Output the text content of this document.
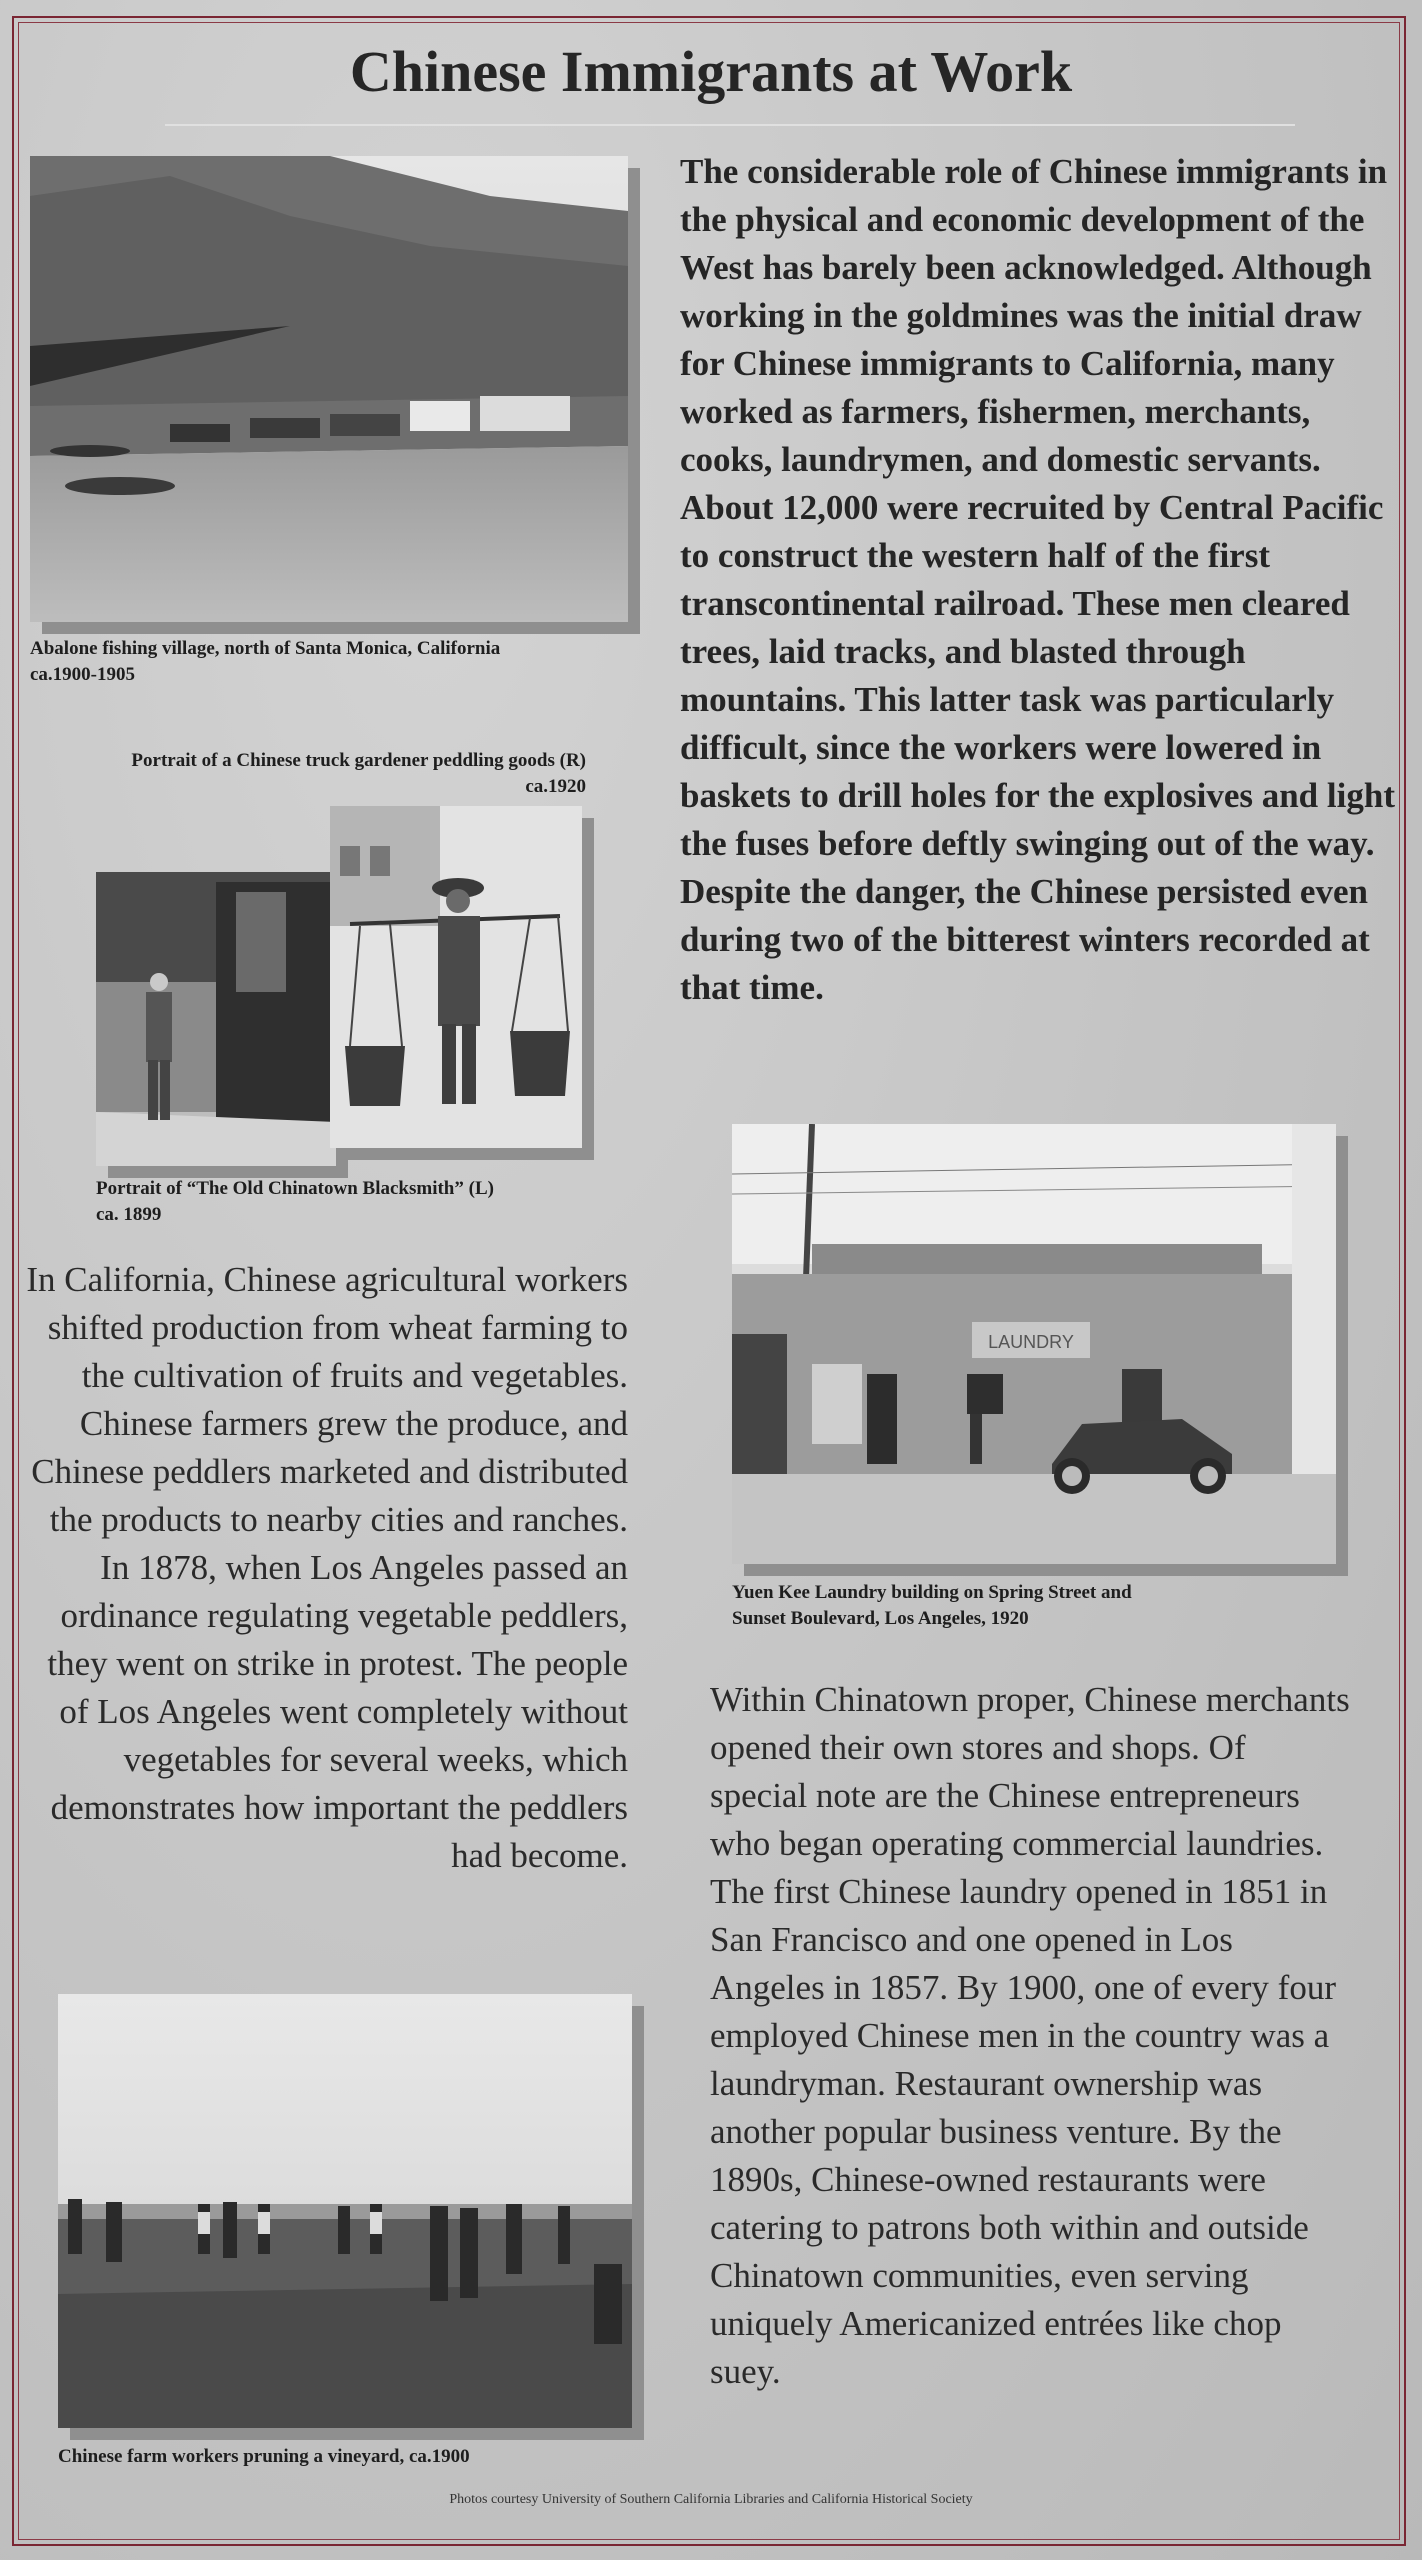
Chinese Immigrants at Work

Abalone fishing village, north of Santa Monica, California
ca.1900-1905

Portrait of a Chinese truck gardener peddling goods (R)
ca.1920

Portrait of “The Old Chinatown Blacksmith” (L)
ca. 1899

The considerable role of Chinese immigrants in the physical and economic development of the West has barely been acknowledged. Although working in the goldmines was the initial draw for Chinese immigrants to California, many worked as farmers, fishermen, merchants, cooks, laundrymen, and domestic servants. About 12,000 were recruited by Central Pacific to construct the western half of the first transcontinental railroad. These men cleared trees, laid tracks, and blasted through mountains. This latter task was particularly difficult, since the workers were lowered in baskets to drill holes for the explosives and light the fuses before deftly swinging out of the way. Despite the danger, the Chinese persisted even during two of the bitterest winters recorded at that time.

LAUNDRY

Yuen Kee Laundry building on Spring Street and
Sunset Boulevard, Los Angeles, 1920

In California, Chinese agricultural workers shifted production from wheat farming to the cultivation of fruits and vegetables. Chinese farmers grew the produce, and Chinese peddlers marketed and distributed the products to nearby cities and ranches. In 1878, when Los Angeles passed an ordinance regulating vegetable peddlers, they went on strike in protest. The people of Los Angeles went completely without vegetables for several weeks, which demonstrates how important the peddlers had become.

Within Chinatown proper, Chinese merchants opened their own stores and shops. Of special note are the Chinese entrepreneurs who began operating commercial laundries. The first Chinese laundry opened in 1851 in San Francisco and one opened in Los Angeles in 1857. By 1900, one of every four employed Chinese men in the country was a laundryman. Restaurant ownership was another popular business venture. By the 1890s, Chinese-owned restaurants were catering to patrons both within and outside Chinatown communities, even serving uniquely Americanized entrées like chop suey.

Chinese farm workers pruning a vineyard, ca.1900

Photos courtesy University of Southern California Libraries and California Historical Society
